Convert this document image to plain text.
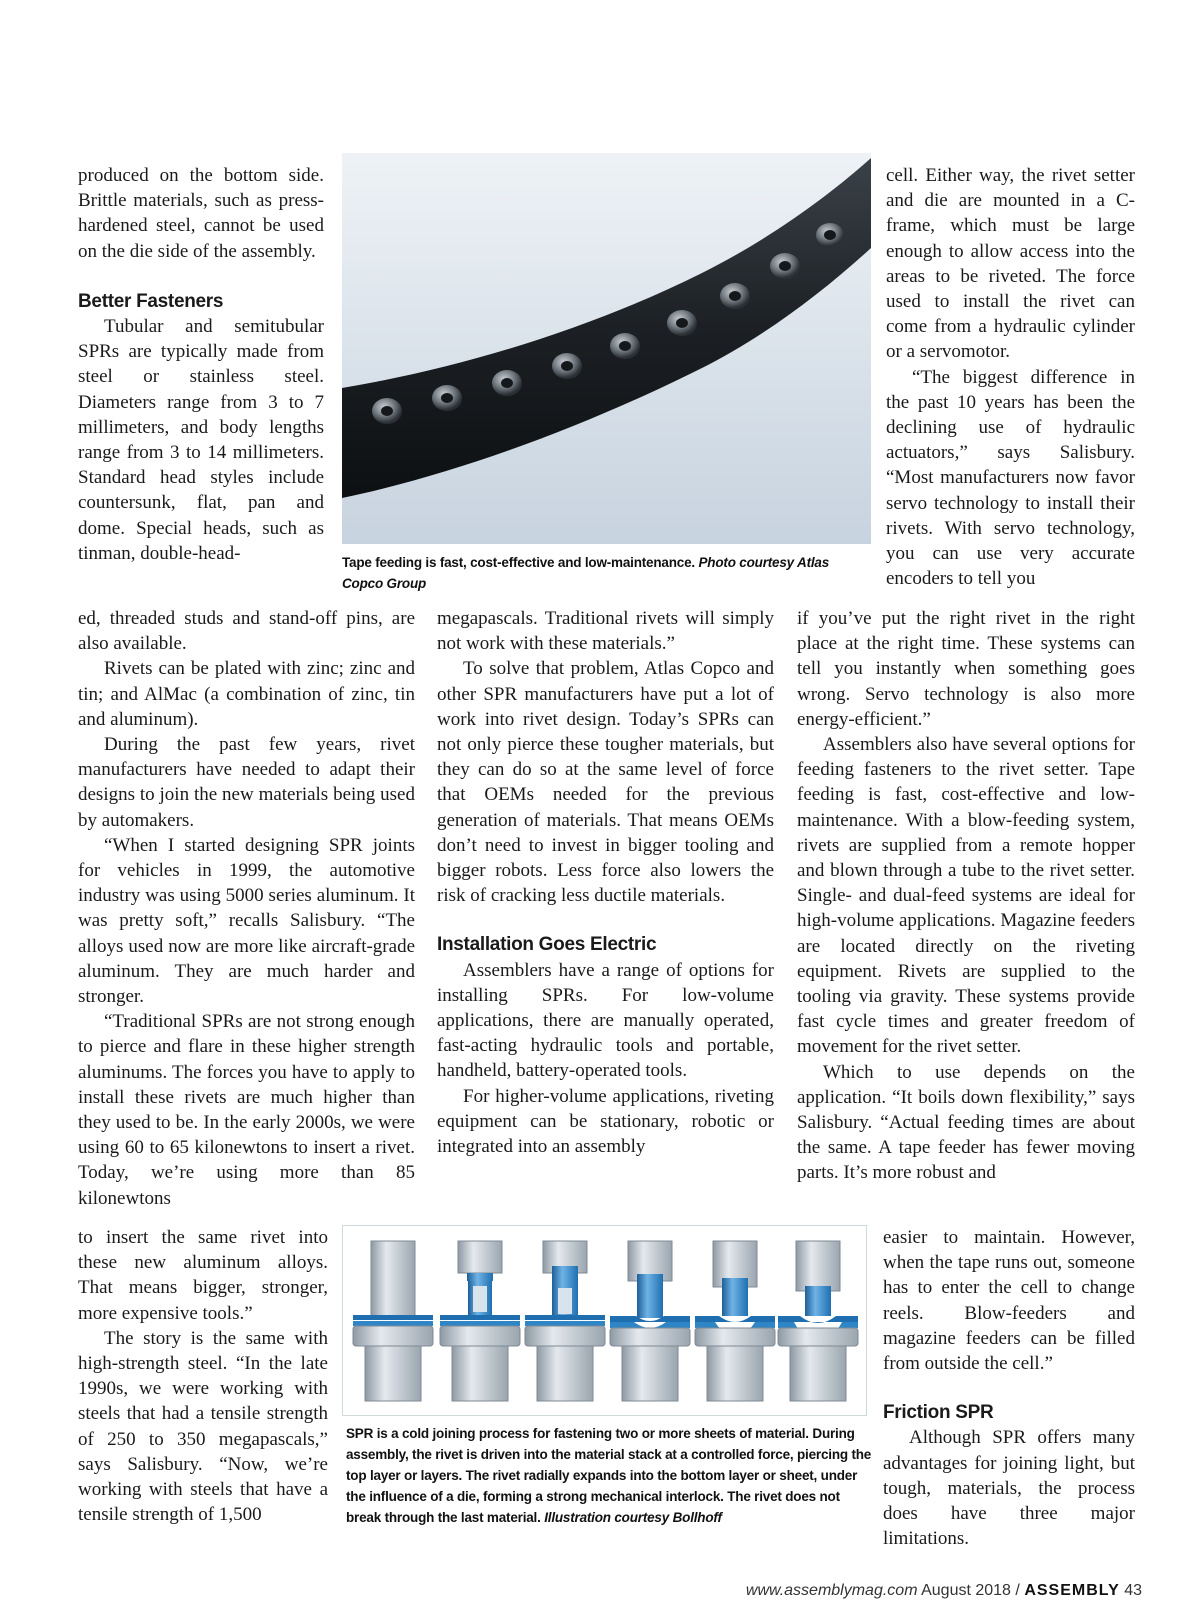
produced on the bottom side. Brittle materials, such as press-hardened steel, cannot be used on the die side of the assembly.

Better Fasteners

Tubular and semitubular SPRs are typically made from steel or stainless steel. Diameters range from 3 to 7 millimeters, and body lengths range from 3 to 14 millimeters. Standard head styles include countersunk, flat, pan and dome. Special heads, such as tinman, double-head-

ed, threaded studs and stand-off pins, are also available.

Rivets can be plated with zinc; zinc and tin; and AlMac (a combination of zinc, tin and aluminum).

During the past few years, rivet manufacturers have needed to adapt their designs to join the new materials being used by automakers.

“When I started designing SPR joints for vehicles in 1999, the automotive industry was using 5000 series aluminum. It was pretty soft,” recalls Salisbury. “The alloys used now are more like aircraft-grade aluminum. They are much harder and stronger.

“Traditional SPRs are not strong enough to pierce and flare in these higher strength aluminums. The forces you have to apply to install these rivets are much higher than they used to be. In the early 2000s, we were using 60 to 65 kilonewtons to insert a rivet. Today, we’re using more than 85 kilonewtons

to insert the same rivet into these new aluminum alloys. That means bigger, stronger, more expensive tools.”

The story is the same with high-strength steel. “In the late 1990s, we were working with steels that had a tensile strength of 250 to 350 megapascals,” says Salisbury. “Now, we’re working with steels that have a tensile strength of 1,500

Tape feeding is fast, cost-effective and low-maintenance. Photo courtesy Atlas Copco Group

megapascals. Traditional rivets will simply not work with these materials.”

To solve that problem, Atlas Copco and other SPR manufacturers have put a lot of work into rivet design. Today’s SPRs can not only pierce these tougher materials, but they can do so at the same level of force that OEMs needed for the previous generation of materials. That means OEMs don’t need to invest in bigger tooling and bigger robots. Less force also lowers the risk of cracking less ductile materials.

Installation Goes Electric

Assemblers have a range of options for installing SPRs. For low-volume applications, there are manually operated, fast-acting hydraulic tools and portable, handheld, battery-operated tools.

For higher-volume applications, riveting equipment can be stationary, robotic or integrated into an assembly

cell. Either way, the rivet setter and die are mounted in a C-frame, which must be large enough to allow access into the areas to be riveted. The force used to install the rivet can come from a hydraulic cylinder or a servomotor.

“The biggest difference in the past 10 years has been the declining use of hydraulic actuators,” says Salisbury. “Most manufacturers now favor servo technology to install their rivets. With servo technology, you can use very accurate encoders to tell you

if you’ve put the right rivet in the right place at the right time. These systems can tell you instantly when something goes wrong. Servo technology is also more energy-efficient.”

Assemblers also have several options for feeding fasteners to the rivet setter. Tape feeding is fast, cost-effective and low-maintenance. With a blow-feeding system, rivets are supplied from a remote hopper and blown through a tube to the rivet setter. Single- and dual-feed systems are ideal for high-volume applications. Magazine feeders are located directly on the riveting equipment. Rivets are supplied to the tooling via gravity. These systems provide fast cycle times and greater freedom of movement for the rivet setter.

Which to use depends on the application. “It boils down flexibility,” says Salisbury. “Actual feeding times are about the same. A tape feeder has fewer moving parts. It’s more robust and

easier to maintain. However, when the tape runs out, someone has to enter the cell to change reels. Blow-feeders and magazine feeders can be filled from outside the cell.”

Friction SPR

Although SPR offers many advantages for joining light, but tough, materials, the process does have three major limitations.

SPR is a cold joining process for fastening two or more sheets of material. During assembly, the rivet is driven into the material stack at a controlled force, piercing the top layer or layers. The rivet radially expands into the bottom layer or sheet, under the influence of a die, forming a strong mechanical interlock. The rivet does not break through the last material. Illustration courtesy Bollhoff
www.assemblymag.com August 2018 / ASSEMBLY 43
